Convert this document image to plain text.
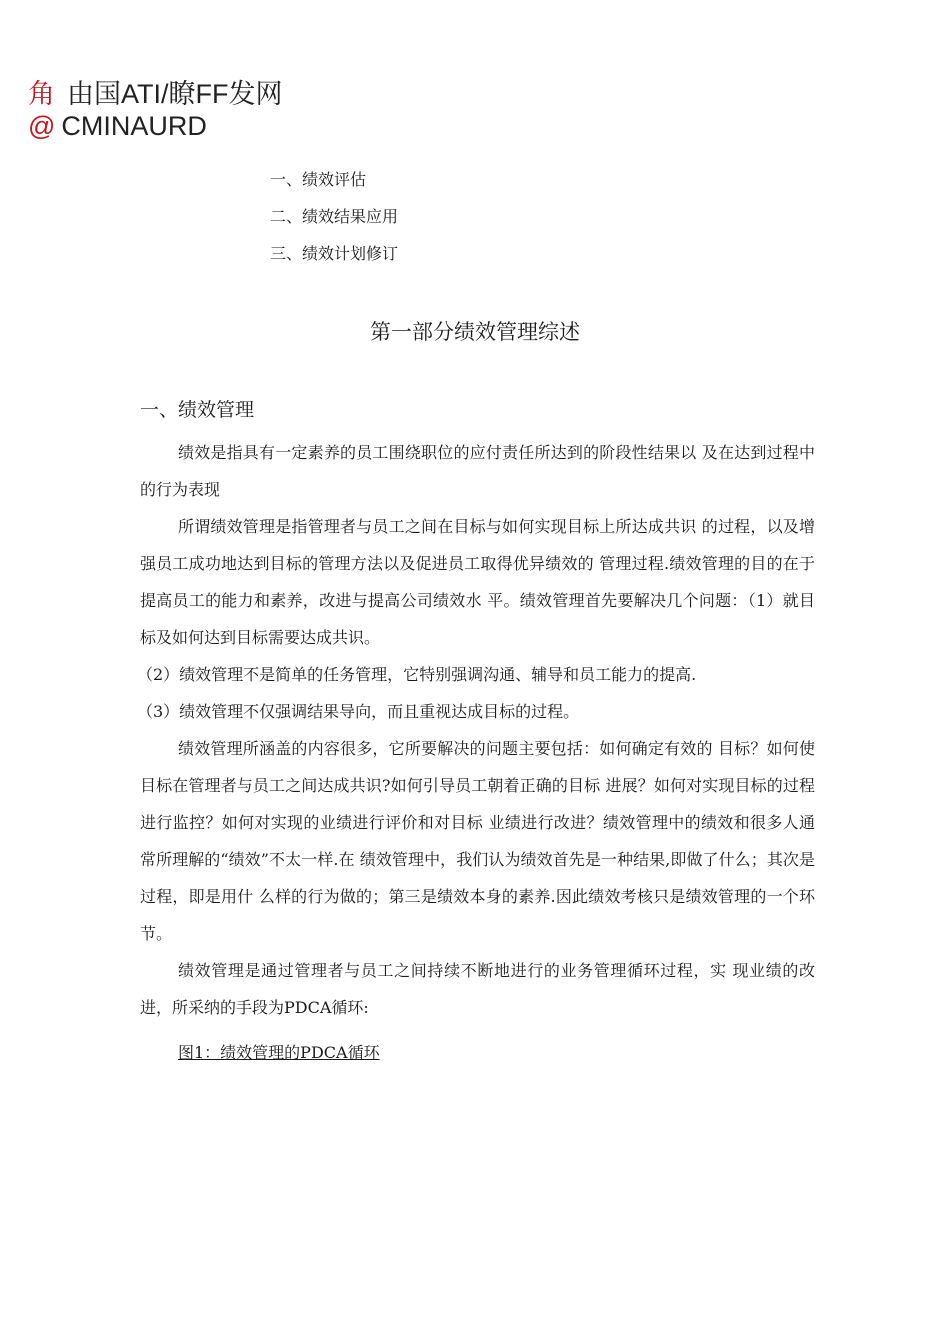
角 由国ATI/瞭FF发网
@ CMINAURD
一、绩效评估
二、绩效结果应用
三、绩效计划修订
第一部分绩效管理综述
一、绩效管理

绩效是指具有一定素养的员工围绕职位的应付责任所达到的阶段性结果以 及在达到过程中的行为表现

所谓绩效管理是指管理者与员工之间在目标与如何实现目标上所达成共识 的过程，以及增强员工成功地达到目标的管理方法以及促进员工取得优异绩效的 管理过程.绩效管理的目的在于提高员工的能力和素养，改进与提高公司绩效水 平。绩效管理首先要解决几个问题：（1）就目标及如何达到目标需要达成共识。

（2）绩效管理不是简单的任务管理，它特别强调沟通、辅导和员工能力的提高.

（3）绩效管理不仅强调结果导向，而且重视达成目标的过程。

绩效管理所涵盖的内容很多，它所要解决的问题主要包括：如何确定有效的 目标？如何使目标在管理者与员工之间达成共识?如何引导员工朝着正确的目标 进展？如何对实现目标的过程进行监控？如何对实现的业绩进行评价和对目标 业绩进行改进？绩效管理中的绩效和很多人通常所理解的“绩效”不太一样.在 绩效管理中，我们认为绩效首先是一种结果,即做了什么；其次是过程，即是用什 么样的行为做的；第三是绩效本身的素养.因此绩效考核只是绩效管理的一个环 节。

绩效管理是通过管理者与员工之间持续不断地进行的业务管理循环过程，实 现业绩的改进，所采纳的手段为PDCA循环:

图1：绩效管理的PDCA循环
